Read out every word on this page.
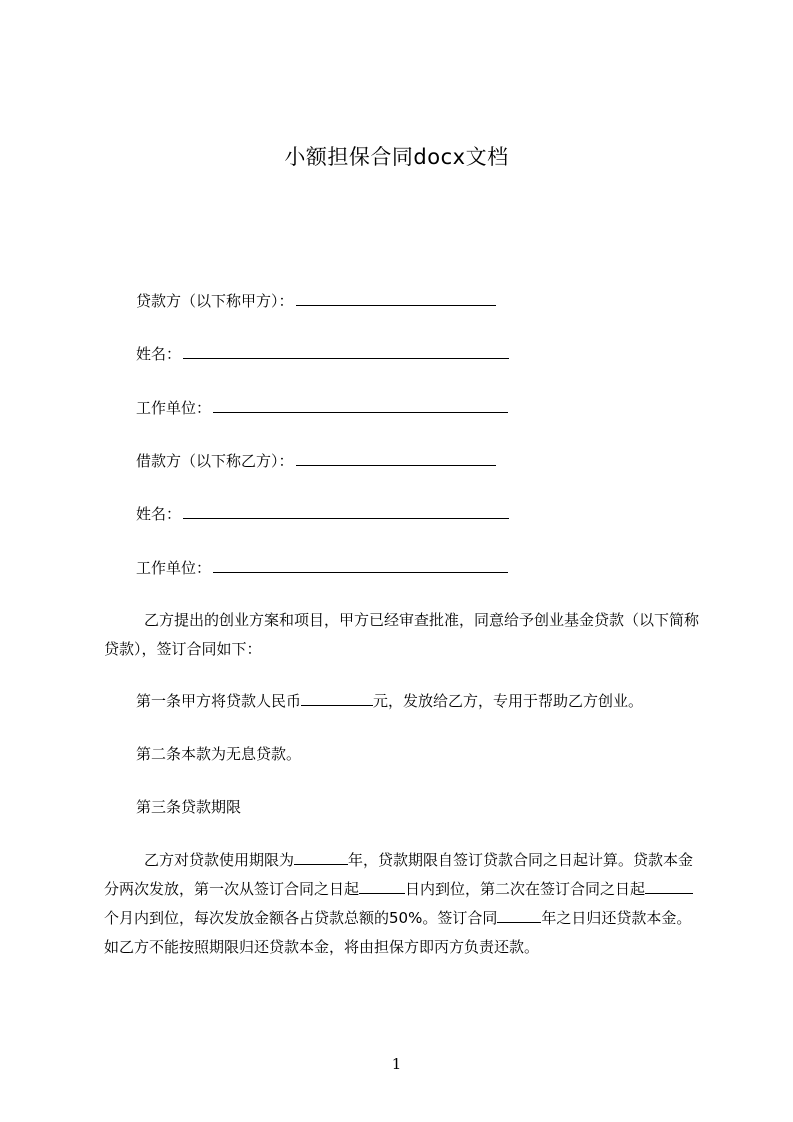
小额担保合同docx文档
贷款方（以下称甲方）：
姓名：
工作单位：
借款方（以下称乙方）：
姓名：
工作单位：
乙方提出的创业方案和项目，甲方已经审查批准，同意给予创业基金贷款（以下简称贷款），签订合同如下：
第一条甲方将贷款人民币	元，发放给乙方，专用于帮助乙方创业。
第二条本款为无息贷款。
第三条贷款期限
乙方对贷款使用期限为	年，贷款期限自签订贷款合同之日起计算。贷款本金分两次发放，第一次从签订合同之日起	日内到位，第二次在签订合同之日起个月内到位，每次发放金额各占贷款总额的50%。签订合同	年之日归还贷款本金。如乙方不能按照期限归还贷款本金，将由担保方即丙方负责还款。
1
